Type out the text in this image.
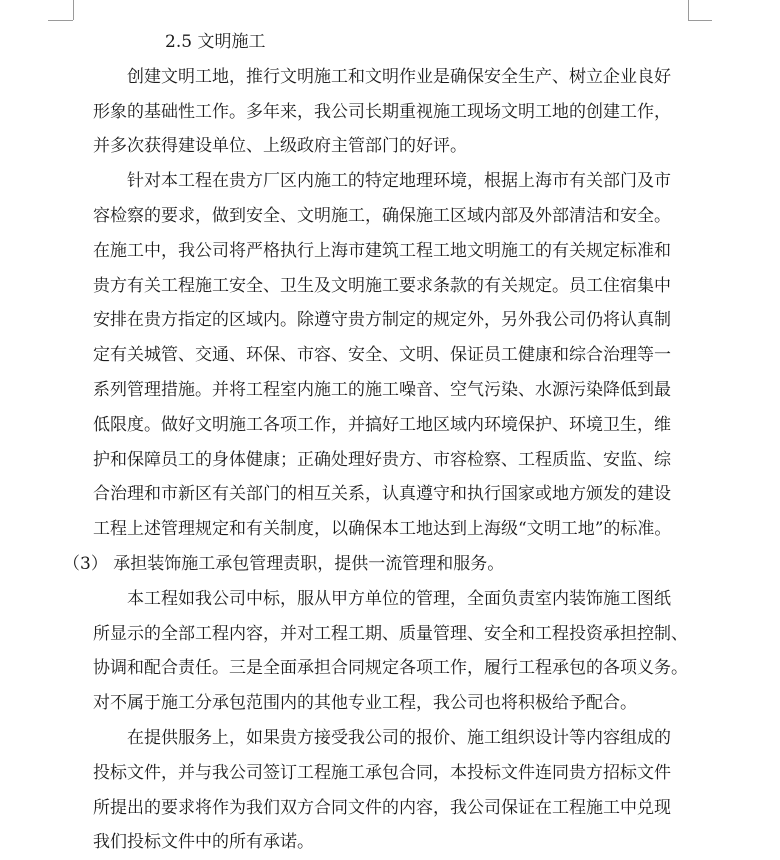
2.5 文明施工
创建文明工地，推行文明施工和文明作业是确保安全生产、树立企业良好
形象的基础性工作。多年来，我公司长期重视施工现场文明工地的创建工作，
并多次获得建设单位、上级政府主管部门的好评。
针对本工程在贵方厂区内施工的特定地理环境，根据上海市有关部门及市
容检察的要求，做到安全、文明施工，确保施工区域内部及外部清洁和安全。
在施工中，我公司将严格执行上海市建筑工程工地文明施工的有关规定标准和
贵方有关工程施工安全、卫生及文明施工要求条款的有关规定。员工住宿集中
安排在贵方指定的区域内。除遵守贵方制定的规定外，另外我公司仍将认真制
定有关城管、交通、环保、市容、安全、文明、保证员工健康和综合治理等一
系列管理措施。并将工程室内施工的施工噪音、空气污染、水源污染降低到最
低限度。做好文明施工各项工作，并搞好工地区域内环境保护、环境卫生，维
护和保障员工的身体健康；正确处理好贵方、市容检察、工程质监、安监、综
合治理和市新区有关部门的相互关系，认真遵守和执行国家或地方颁发的建设
工程上述管理规定和有关制度，以确保本工地达到上海级“文明工地”的标准。
（3） 承担装饰施工承包管理责职，提供一流管理和服务。
本工程如我公司中标，服从甲方单位的管理，全面负责室内装饰施工图纸
所显示的全部工程内容，并对工程工期、质量管理、安全和工程投资承担控制、
协调和配合责任。三是全面承担合同规定各项工作，履行工程承包的各项义务。
对不属于施工分承包范围内的其他专业工程，我公司也将积极给予配合。
在提供服务上，如果贵方接受我公司的报价、施工组织设计等内容组成的
投标文件，并与我公司签订工程施工承包合同，本投标文件连同贵方招标文件
所提出的要求将作为我们双方合同文件的内容，我公司保证在工程施工中兑现
我们投标文件中的所有承诺。
